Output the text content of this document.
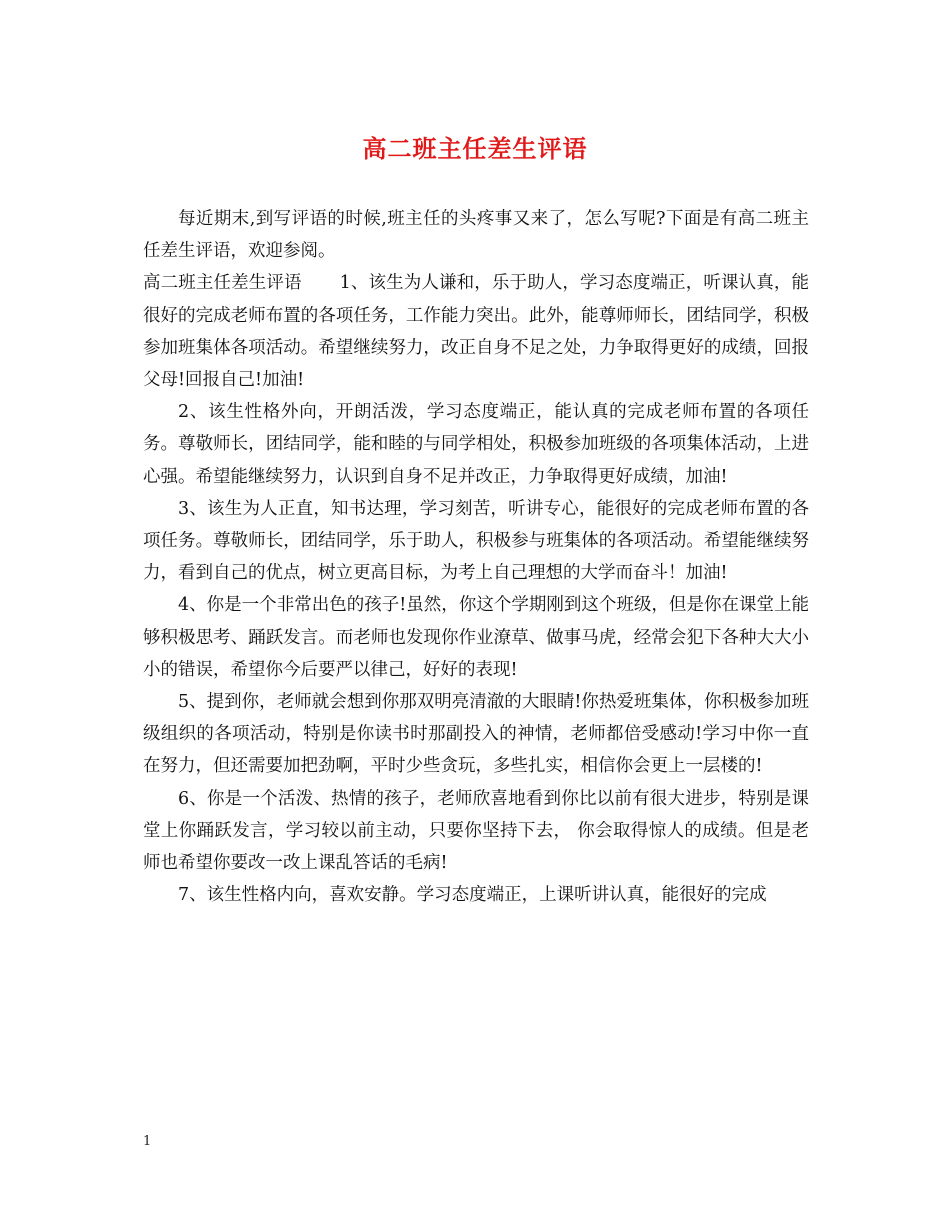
高二班主任差生评语

每近期末,到写评语的时候,班主任的头疼事又来了，怎么写呢?下面是有高二班主任差生评语，欢迎参阅。

高二班主任差生评语 1、该生为人谦和，乐于助人，学习态度端正，听课认真，能很好的完成老师布置的各项任务，工作能力突出。此外，能尊师师长，团结同学，积极参加班集体各项活动。希望继续努力，改正自身不足之处，力争取得更好的成绩，回报父母!回报自己!加油!

2、该生性格外向，开朗活泼，学习态度端正，能认真的完成老师布置的各项任务。尊敬师长，团结同学，能和睦的与同学相处，积极参加班级的各项集体活动，上进心强。希望能继续努力，认识到自身不足并改正，力争取得更好成绩，加油!

3、该生为人正直，知书达理，学习刻苦，听讲专心，能很好的完成老师布置的各项任务。尊敬师长，团结同学，乐于助人，积极参与班集体的各项活动。希望能继续努力，看到自己的优点，树立更高目标，为考上自己理想的大学而奋斗！加油!

4、你是一个非常出色的孩子!虽然，你这个学期刚到这个班级，但是你在课堂上能够积极思考、踊跃发言。而老师也发现你作业潦草、做事马虎，经常会犯下各种大大小小的错误，希望你今后要严以律己，好好的表现!

5、提到你，老师就会想到你那双明亮清澈的大眼睛!你热爱班集体，你积极参加班级组织的各项活动，特别是你读书时那副投入的神情，老师都倍受感动!学习中你一直在努力，但还需要加把劲啊，平时少些贪玩，多些扎实，相信你会更上一层楼的!

6、你是一个活泼、热情的孩子，老师欣喜地看到你比以前有很大进步，特别是课堂上你踊跃发言，学习较以前主动，只要你坚持下去， 你会取得惊人的成绩。但是老师也希望你要改一改上课乱答话的毛病!

7、该生性格内向，喜欢安静。学习态度端正，上课听讲认真，能很好的完成

1
